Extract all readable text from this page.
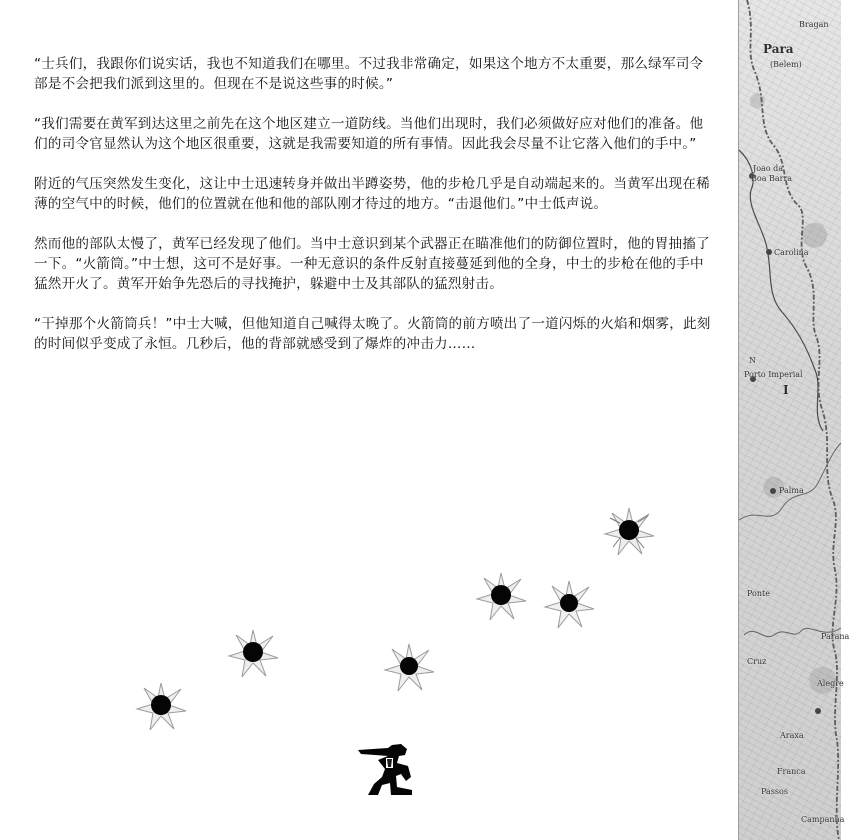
“士兵们，我跟你们说实话，我也不知道我们在哪里。不过我非常确定，如果这个地方不太重要，那么绿军司令部是不会把我们派到这里的。但现在不是说这些事的时候。”

“我们需要在黄军到达这里之前先在这个地区建立一道防线。当他们出现时，我们必须做好应对他们的准备。他们的司令官显然认为这个地区很重要，这就是我需要知道的所有事情。因此我会尽量不让它落入他们的手中。”

附近的气压突然发生变化，这让中士迅速转身并做出半蹲姿势，他的步枪几乎是自动端起来的。当黄军出现在稀薄的空气中的时候，他们的位置就在他和他的部队刚才待过的地方。“击退他们。”中士低声说。

然而他的部队太慢了，黄军已经发现了他们。当中士意识到某个武器正在瞄准他们的防御位置时，他的胃抽搐了一下。“火箭筒。”中士想，这可不是好事。一种无意识的条件反射直接蔓延到他的全身，中士的步枪在他的手中猛然开火了。黄军开始争先恐后的寻找掩护，躲避中士及其部队的猛烈射击。

“干掉那个火箭筒兵！”中士大喊，但他知道自己喊得太晚了。火箭筒的前方喷出了一道闪烁的火焰和烟雾，此刻的时间似乎变成了永恒。几秒后，他的背部就感受到了爆炸的冲击力……

Bragan
Para
(Belem)
Joao da
Boa Barra
Carolina
N
Porto Imperial
I
Palma
Ponte
Parana
Cruz
Alegre
Araxa
Franca
Passos
Campanha
